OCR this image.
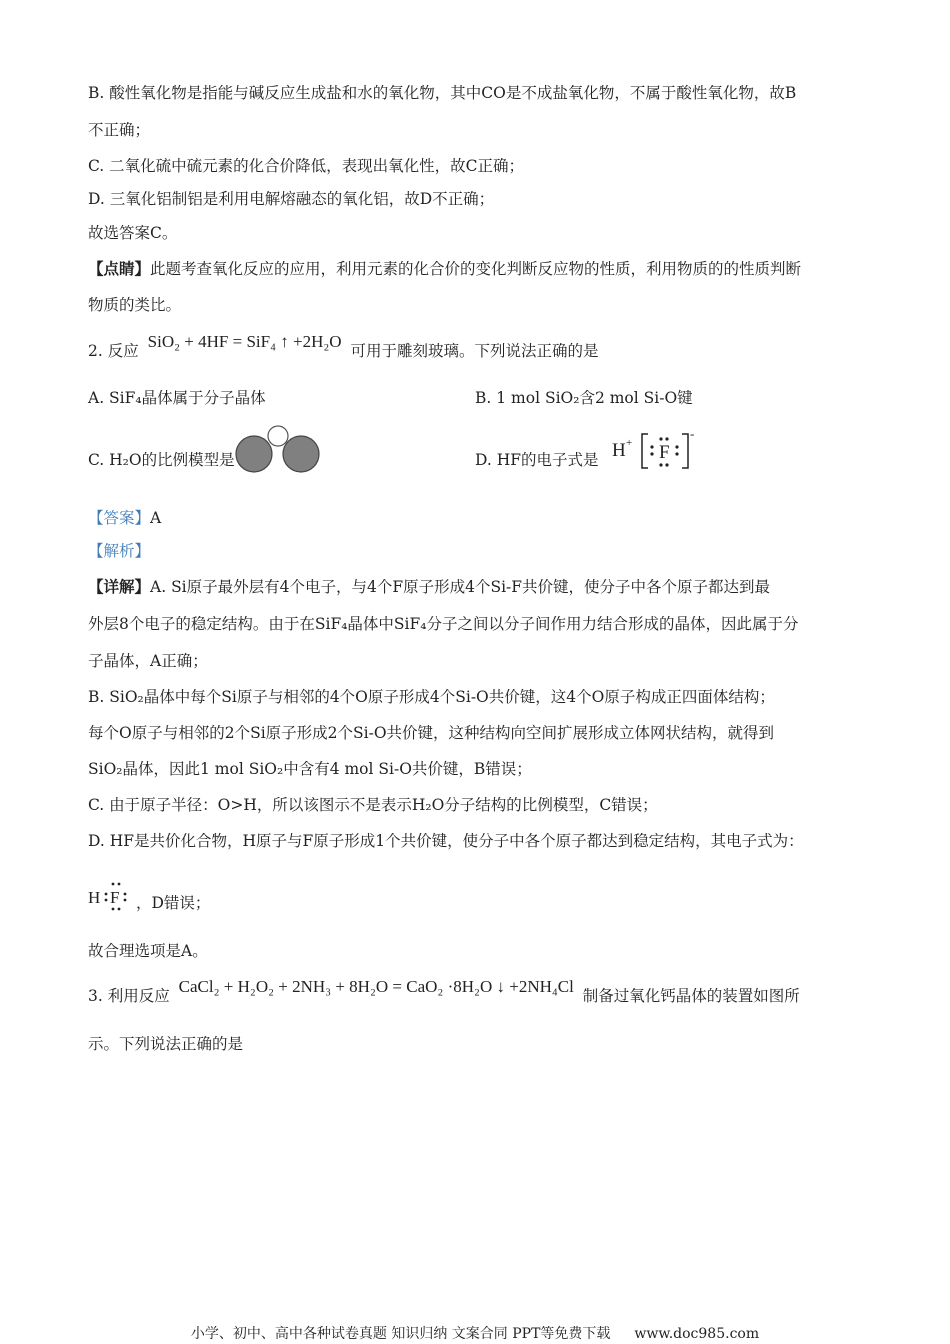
B. 酸性氧化物是指能与碱反应生成盐和水的氧化物，其中CO是不成盐氧化物，不属于酸性氧化物，故B
不正确；
C. 二氧化硫中硫元素的化合价降低，表现出氧化性，故C正确；
D. 三氧化铝制铝是利用电解熔融态的氧化铝，故D不正确；
故选答案C。
【点睛】此题考查氧化反应的应用，利用元素的化合价的变化判断反应物的性质，利用物质的的性质判断
物质的类比。
2. 反应 SiO₂ + 4HF = SiF₄ ↑ +2H₂O 可用于雕刻玻璃。下列说法正确的是
A. SiF₄晶体属于分子晶体	B. 1 mol SiO₂含2 mol Si-O键
C. H₂O的比例模型是	D. HF的电子式是 H + F
-
【答案】A
【解析】
【详解】A. Si原子最外层有4个电子，与4个F原子形成4个Si-F共价键，使分子中各个原子都达到最
外层8个电子的稳定结构。由于在SiF₄晶体中SiF₄分子之间以分子间作用力结合形成的晶体，因此属于分
子晶体，A正确；
B. SiO₂晶体中每个Si原子与相邻的4个O原子形成4个Si-O共价键，这4个O原子构成正四面体结构；
每个O原子与相邻的2个Si原子形成2个Si-O共价键，这种结构向空间扩展形成立体网状结构，就得到
SiO₂晶体，因此1 mol SiO₂中含有4 mol Si-O共价键，B错误；
C. 由于原子半径：O>H，所以该图示不是表示H₂O分子结构的比例模型，C错误；
D. HF是共价化合物，H原子与F原子形成1个共价键，使分子中各个原子都达到稳定结构，其电子式为：
H F ，D错误；
故合理选项是A。
3. 利用反应 CaCl₂ + H₂O₂ + 2NH₃ + 8H₂O = CaO₂ ·8H₂O ↓ +2NH₄Cl 制备过氧化钙晶体的装置如图所
示。下列说法正确的是
小学、初中、高中各种试卷真题 知识归纳 文案合同 PPT等免费下载 www.doc985.com
